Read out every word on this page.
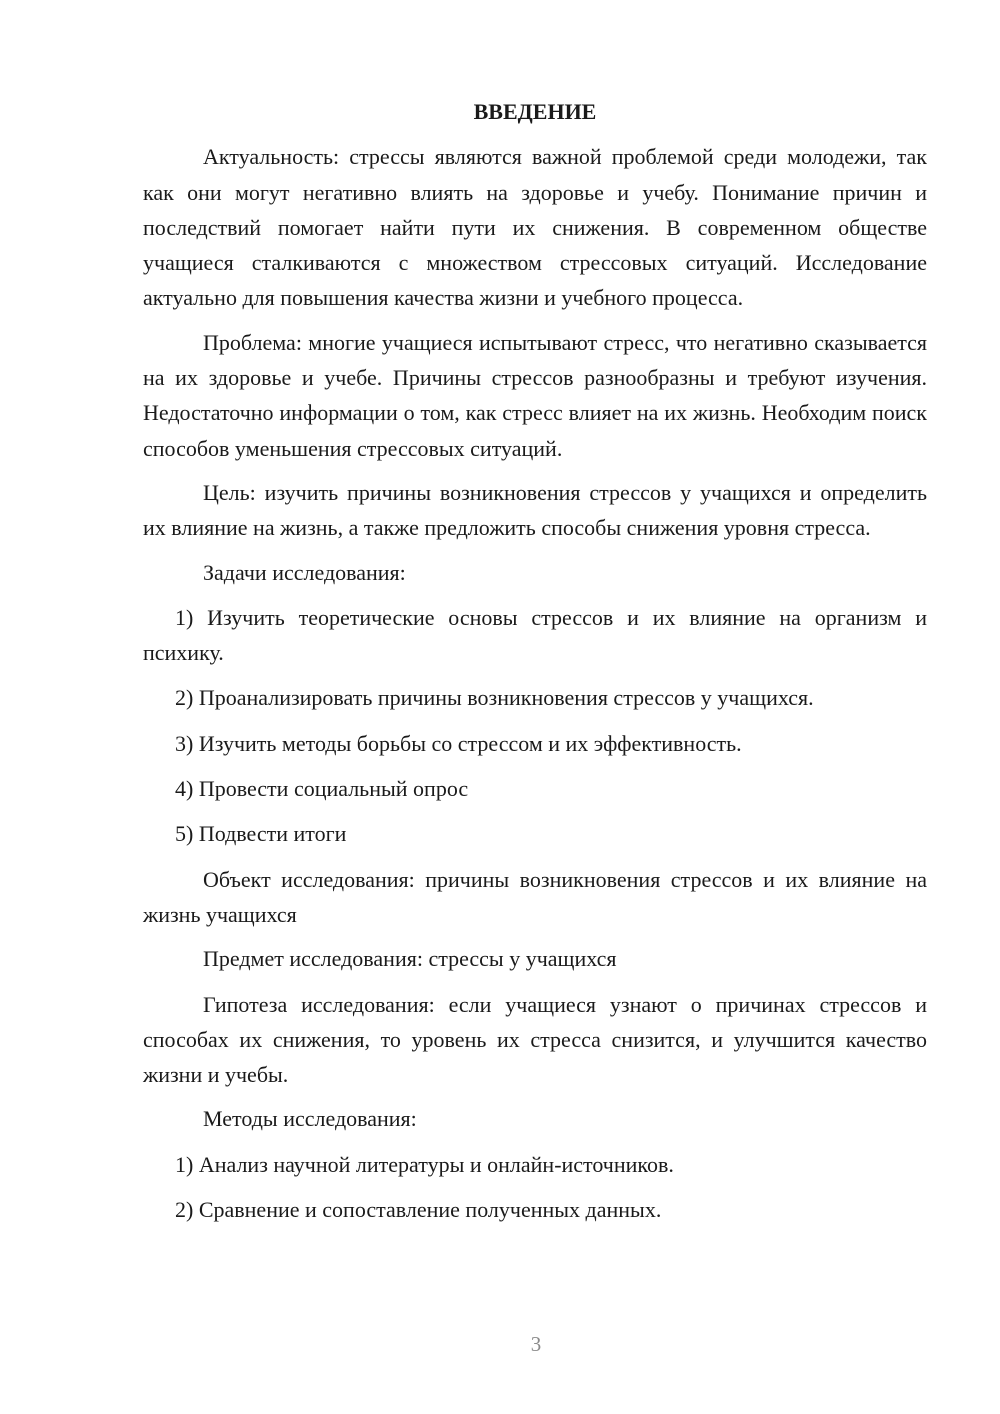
ВВЕДЕНИЕ

Актуальность: стрессы являются важной проблемой среди молодежи, так как они могут негативно влиять на здоровье и учебу. Понимание причин и последствий помогает найти пути их снижения. В современном обществе учащиеся сталкиваются с множеством стрессовых ситуаций. Исследование актуально для повышения качества жизни и учебного процесса.

Проблема: многие учащиеся испытывают стресс, что негативно сказывается на их здоровье и учебе. Причины стрессов разнообразны и требуют изучения. Недостаточно информации о том, как стресс влияет на их жизнь. Необходим поиск способов уменьшения стрессовых ситуаций.

Цель: изучить причины возникновения стрессов у учащихся и определить их влияние на жизнь, а также предложить способы снижения уровня стресса.

Задачи исследования:

1) Изучить теоретические основы стрессов и их влияние на организм и психику.

2) Проанализировать причины возникновения стрессов у учащихся.

3) Изучить методы борьбы со стрессом и их эффективность.

4) Провести социальный опрос

5) Подвести итоги

Объект исследования: причины возникновения стрессов и их влияние на жизнь учащихся

Предмет исследования: стрессы у учащихся

Гипотеза исследования: если учащиеся узнают о причинах стрессов и способах их снижения, то уровень их стресса снизится, и улучшится качество жизни и учебы.

Методы исследования:

1) Анализ научной литературы и онлайн-источников.

2) Сравнение и сопоставление полученных данных.

3
